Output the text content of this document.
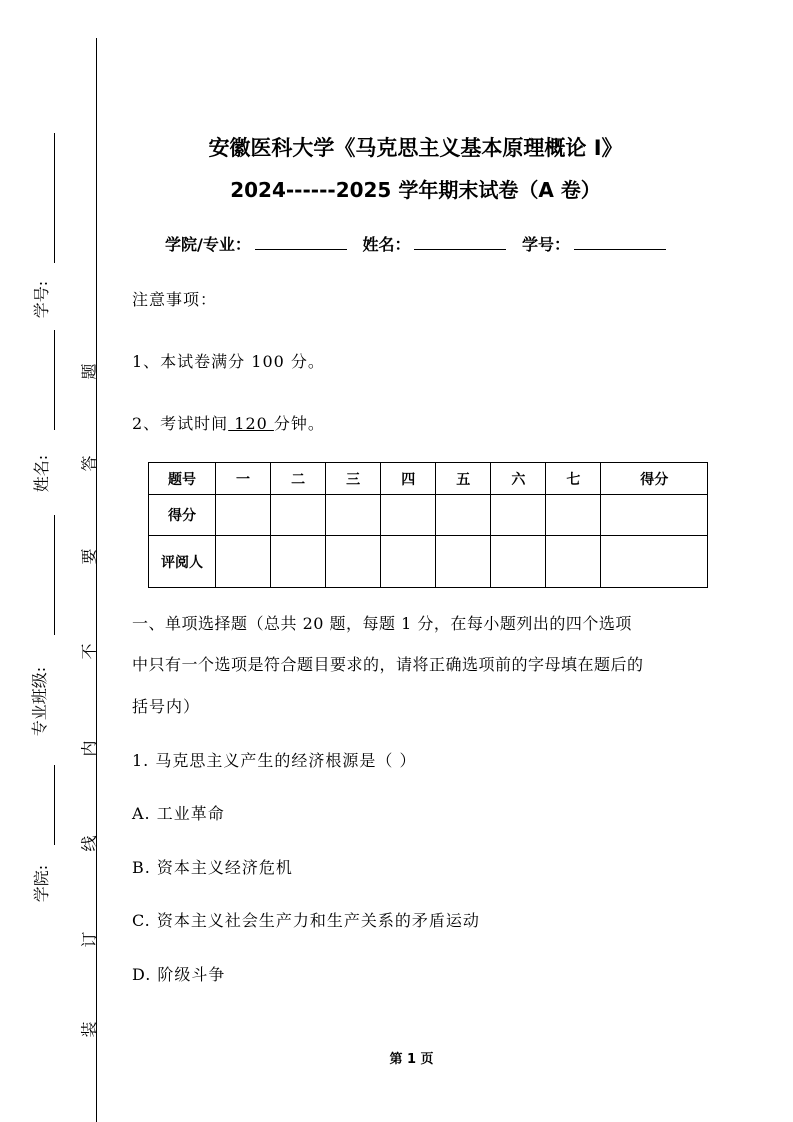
学号:
姓名:
专业班级:
学院:
题
答
要
不
内
线
订
装
安徽医科大学《马克思主义基本原理概论 I》
2024------2025 学年期末试卷（A 卷）
学院/专业：	姓名：	学号：
注意事项：
1、本试卷满分 100 分。
2、考试时间 120 分钟。
题号	一	二	三	四	五	六	七	得分
得分								
评阅人								
一、单项选择题（总共 20 题，每题 1 分，在每小题列出的四个选项
中只有一个选项是符合题目要求的，请将正确选项前的字母填在题后的
括号内）
1. 马克思主义产生的经济根源是（ ）
A. 工业革命
B. 资本主义经济危机
C. 资本主义社会生产力和生产关系的矛盾运动
D. 阶级斗争
第 1 页
